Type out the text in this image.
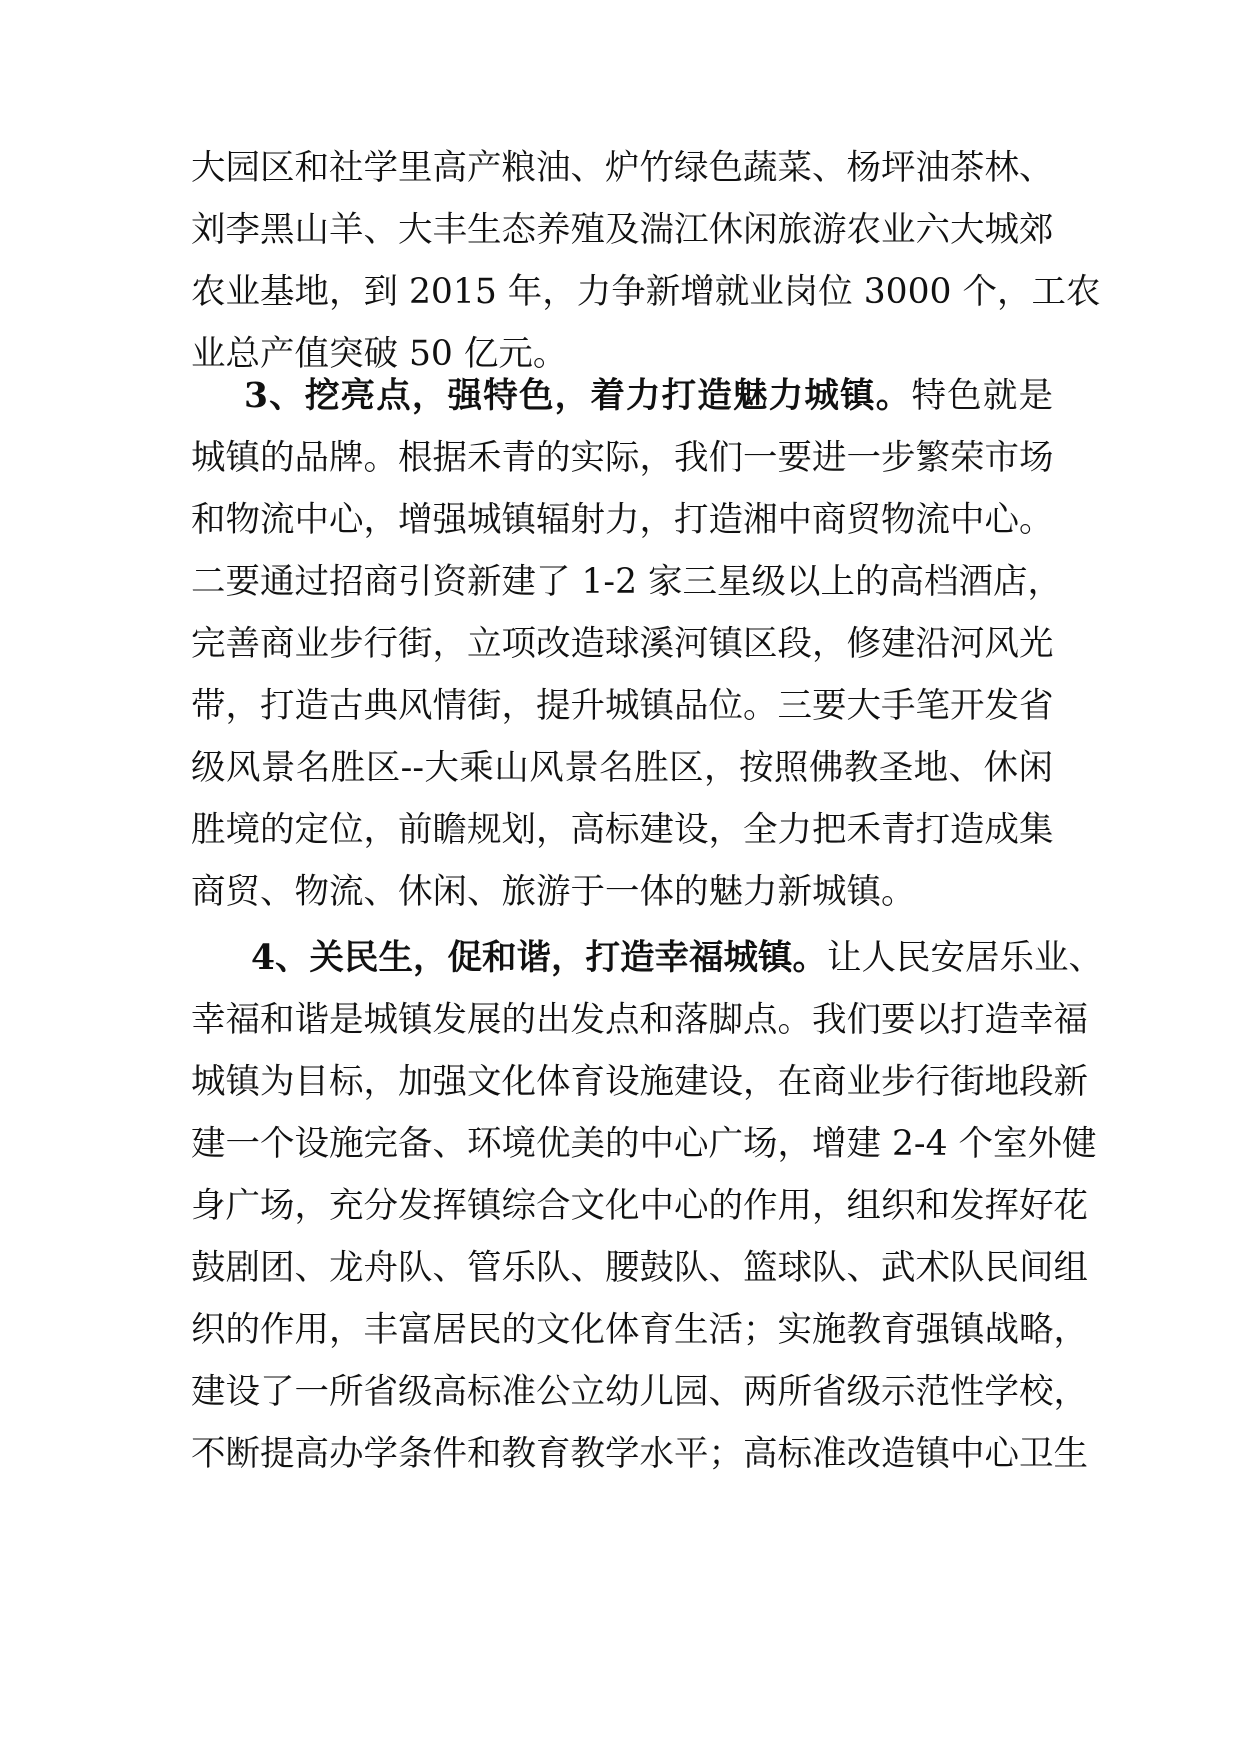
大园区和社学里高产粮油、炉竹绿色蔬菜、杨坪油茶林、
刘李黑山羊、大丰生态养殖及湍江休闲旅游农业六大城郊
农业基地，到 2015 年，力争新增就业岗位 3000 个，工农
业总产值突破 50 亿元。
3、挖亮点，强特色，着力打造魅力城镇。特色就是
城镇的品牌。根据禾青的实际，我们一要进一步繁荣市场
和物流中心，增强城镇辐射力，打造湘中商贸物流中心。
二要通过招商引资新建了 1-2 家三星级以上的高档酒店，
完善商业步行街，立项改造球溪河镇区段，修建沿河风光
带，打造古典风情街，提升城镇品位。三要大手笔开发省
级风景名胜区--大乘山风景名胜区，按照佛教圣地、休闲
胜境的定位，前瞻规划，高标建设，全力把禾青打造成集
商贸、物流、休闲、旅游于一体的魅力新城镇。
4、关民生，促和谐，打造幸福城镇。让人民安居乐业、
幸福和谐是城镇发展的出发点和落脚点。我们要以打造幸福
城镇为目标，加强文化体育设施建设，在商业步行街地段新
建一个设施完备、环境优美的中心广场，增建 2-4 个室外健
身广场，充分发挥镇综合文化中心的作用，组织和发挥好花
鼓剧团、龙舟队、管乐队、腰鼓队、篮球队、武术队民间组
织的作用，丰富居民的文化体育生活；实施教育强镇战略，
建设了一所省级高标准公立幼儿园、两所省级示范性学校，
不断提高办学条件和教育教学水平；高标准改造镇中心卫生
